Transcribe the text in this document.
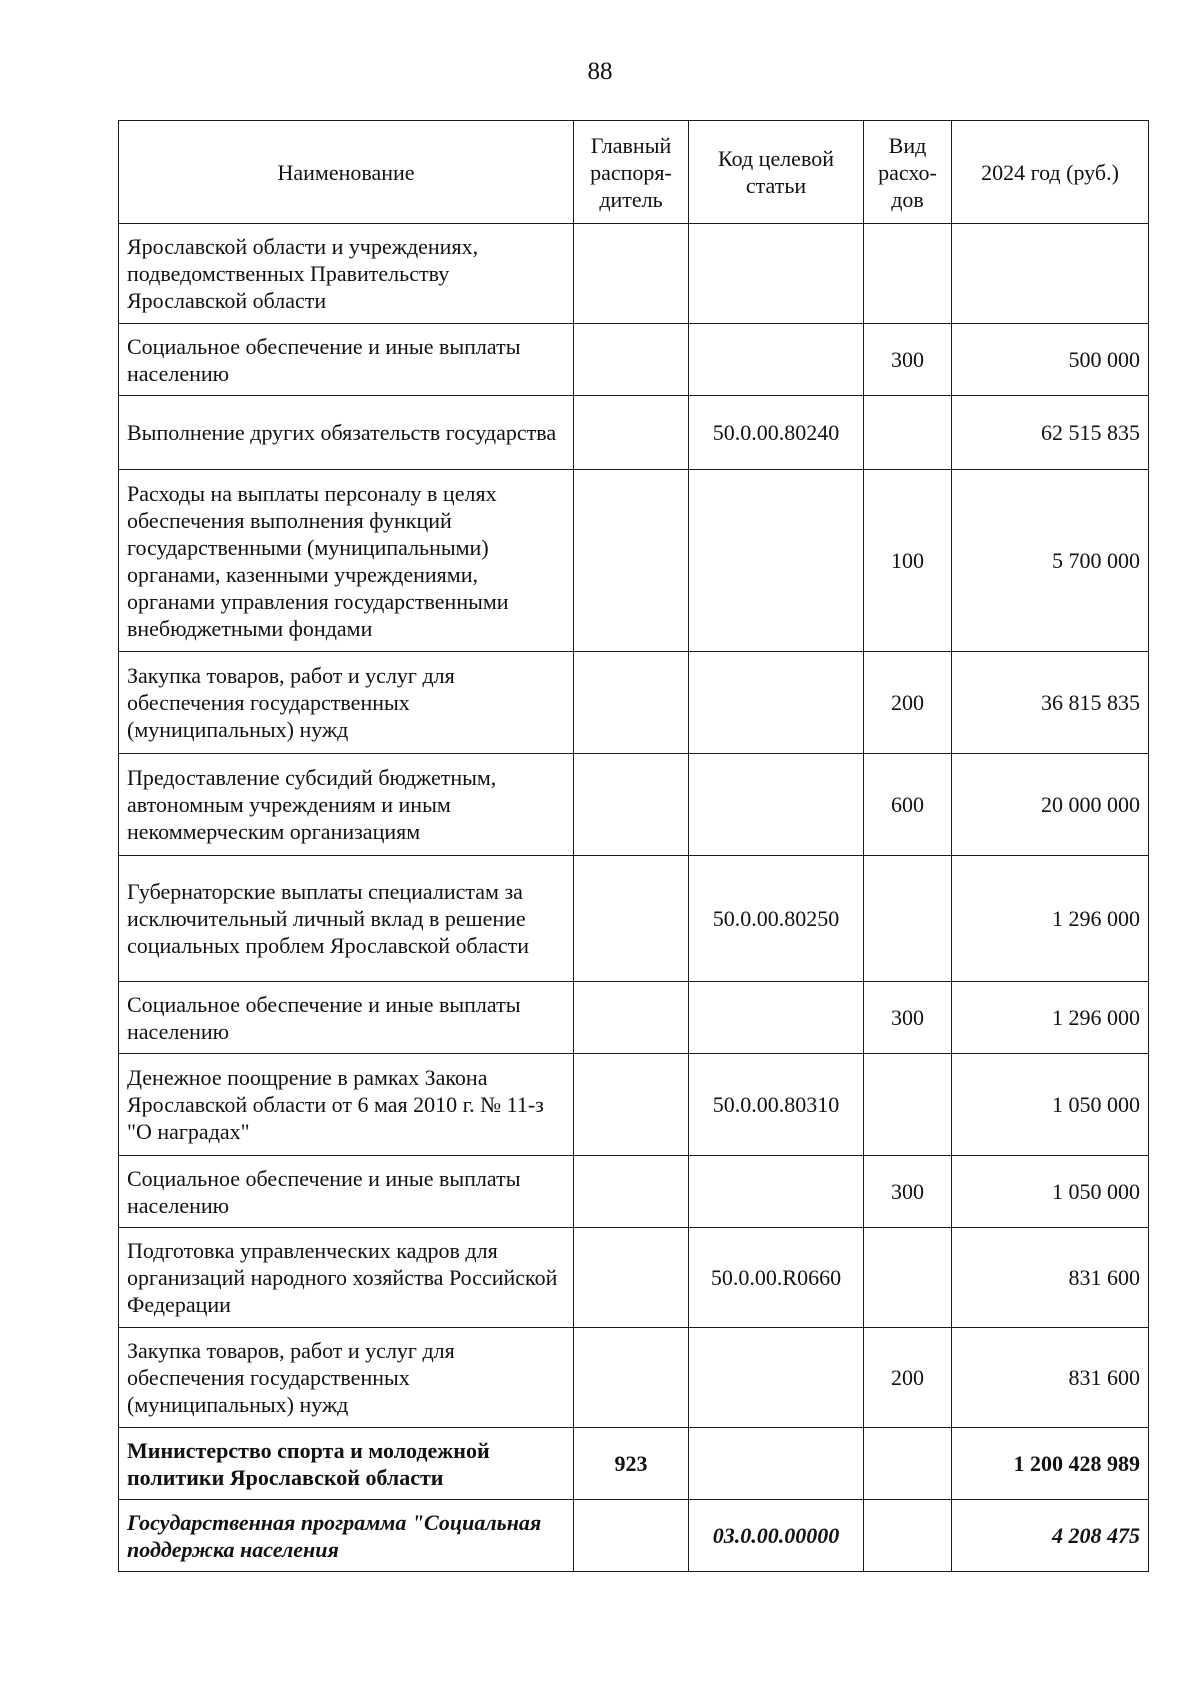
88
Наименование	Главный распоря-дитель	Код целевой статьи	Вид расхо-дов	2024 год (руб.)
Ярославской области и учреждениях, подведомственных Правительству Ярославской области				
Социальное обеспечение и иные выплаты населению			300	500 000
Выполнение других обязательств государства		50.0.00.80240		62 515 835
Расходы на выплаты персоналу в целях обеспечения выполнения функций государственными (муниципальными) органами, казенными учреждениями, органами управления государственными внебюджетными фондами			100	5 700 000
Закупка товаров, работ и услуг для обеспечения государственных (муниципальных) нужд			200	36 815 835
Предоставление субсидий бюджетным, автономным учреждениям и иным некоммерческим организациям			600	20 000 000
Губернаторские выплаты специалистам за исключительный личный вклад в решение социальных проблем Ярославской области		50.0.00.80250		1 296 000
Социальное обеспечение и иные выплаты населению			300	1 296 000
Денежное поощрение в рамках Закона Ярославской области от 6 мая 2010 г. № 11-з "О наградах"		50.0.00.80310		1 050 000
Социальное обеспечение и иные выплаты населению			300	1 050 000
Подготовка управленческих кадров для организаций народного хозяйства Российской Федерации		50.0.00.R0660		831 600
Закупка товаров, работ и услуг для обеспечения государственных (муниципальных) нужд			200	831 600
Министерство спорта и молодежной политики Ярославской области	923			1 200 428 989
Государственная программа "Социальная поддержка населения		03.0.00.00000		4 208 475
